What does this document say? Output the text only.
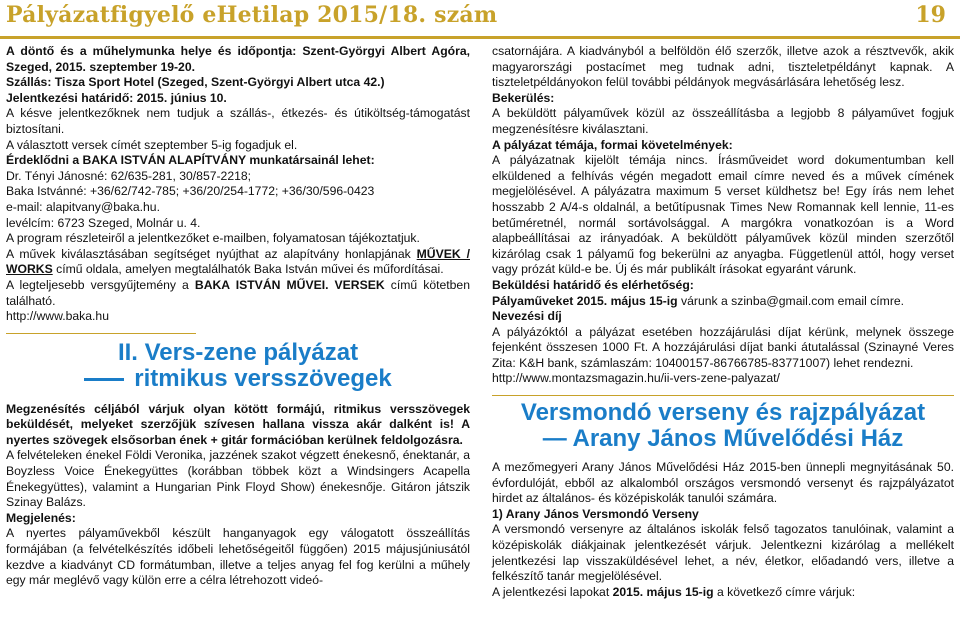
Pályázatfigyelő eHetilap 2015/18. szám	19

A döntő és a műhelymunka helye és időpontja: Szent-Györgyi Albert Agóra, Szeged, 2015. szeptember 19-20.

Szállás: Tisza Sport Hotel (Szeged, Szent-Györgyi Albert utca 42.)

Jelentkezési határidő: 2015. június 10.

A késve jelentkezőknek nem tudjuk a szállás-, étkezés- és útiköltség-támogatást biztosítani.

A választott versek címét szeptember 5-ig fogadjuk el.

Érdeklődni a BAKA ISTVÁN ALAPÍTVÁNY munkatársainál lehet:

Dr. Tényi Jánosné: 62/635-281, 30/857-2218;

Baka Istvánné: +36/62/742-785; +36/20/254-1772; +36/30/596-0423

e-mail: alapitvany@baka.hu.

levélcím: 6723 Szeged, Molnár u. 4.

A program részleteiről a jelentkezőket e-mailben, folyamatosan tájékoztatjuk.

A művek kiválasztásában segítséget nyújthat az alapítvány honlapjának MŰVEK / WORKS című oldala, amelyen megtalálhatók Baka István művei és műfordításai.

A legteljesebb versgyűjtemény a BAKA ISTVÁN MŰVEI. VERSEK című kötetben található.

http://www.baka.hu

II. Vers-zene pályázat
ritmikus versszövegek

Megzenésítés céljából várjuk olyan kötött formájú, ritmikus versszövegek beküldését, melyeket szerzőjük szívesen hallana vissza akár dalként is! A nyertes szövegek elsősorban ének + gitár formációban kerülnek feldolgozásra.

A felvételeken énekel Földi Veronika, jazzének szakot végzett énekesnő, énektanár, a Boyzless Voice Énekegyüttes (korábban többek közt a Windsingers Acapella Énekegyüttes), valamint a Hungarian Pink Floyd Show) énekesnője. Gitáron játszik Szinay Balázs.

Megjelenés:

A nyertes pályaművekből készült hanganyagok egy válogatott összeállítás formájában (a felvételkészítés időbeli lehetőségeitől függően) 2015 májusjúniusától kezdve a kiadványt CD formátumban, illetve a teljes anyag fel fog kerülni a műhely egy már meglévő vagy külön erre a célra létrehozott videó-

csatornájára. A kiadványból a belföldön élő szerzők, illetve azok a résztvevők, akik magyarországi postacímet meg tudnak adni, tiszteletpéldányt kapnak. A tiszteletpéldányokon felül további példányok megvásárlására lehetőség lesz.

Bekerülés:

A beküldött pályaművek közül az összeállításba a legjobb 8 pályaművet fogjuk megzenésítésre kiválasztani.

A pályázat témája, formai követelmények:

A pályázatnak kijelölt témája nincs. Írásműveidet word dokumentumban kell elküldened a felhívás végén megadott email címre neved és a művek címének megjelölésével. A pályázatra maximum 5 verset küldhetsz be! Egy írás nem lehet hosszabb 2 A/4-s oldalnál, a betűtípusnak Times New Romannak kell lennie, 11-es betűméretnél, normál sortávolsággal. A margókra vonatkozóan is a Word alapbeállításai az irányadóak. A beküldött pályaművek közül minden szerzőtől kizárólag csak 1 pályamű fog bekerülni az anyagba. Függetlenül attól, hogy verset vagy prózát küld-e be. Új és már publikált írásokat egyaránt várunk.

Beküldési határidő és elérhetőség:

Pályaműveket 2015. május 15-ig várunk a szinba@gmail.com email címre.

Nevezési díj

A pályázóktól a pályázat esetében hozzájárulási díjat kérünk, melynek összege fejenként összesen 1000 Ft. A hozzájárulási díjat banki átutalással (Szinayné Veres Zita: K&H bank, számlaszám: 10400157-86766785-83771007) lehet rendezni.

http://www.montazsmagazin.hu/ii-vers-zene-palyazat/

Versmondó verseny és rajzpályázat
— Arany János Művelődési Ház

A mezőmegyeri Arany János Művelődési Ház 2015-ben ünnepli megnyitásának 50. évfordulóját, ebből az alkalomból országos versmondó versenyt és rajzpályázatot hirdet az általános- és középiskolák tanulói számára.

1) Arany János Versmondó Verseny

A versmondó versenyre az általános iskolák felső tagozatos tanulóinak, valamint a középiskolák diákjainak jelentkezését várjuk. Jelentkezni kizárólag a mellékelt jelentkezési lap visszaküldésével lehet, a név, életkor, előadandó vers, illetve a felkészítő tanár megjelölésével.

A jelentkezési lapokat 2015. május 15-ig a következő címre várjuk:
